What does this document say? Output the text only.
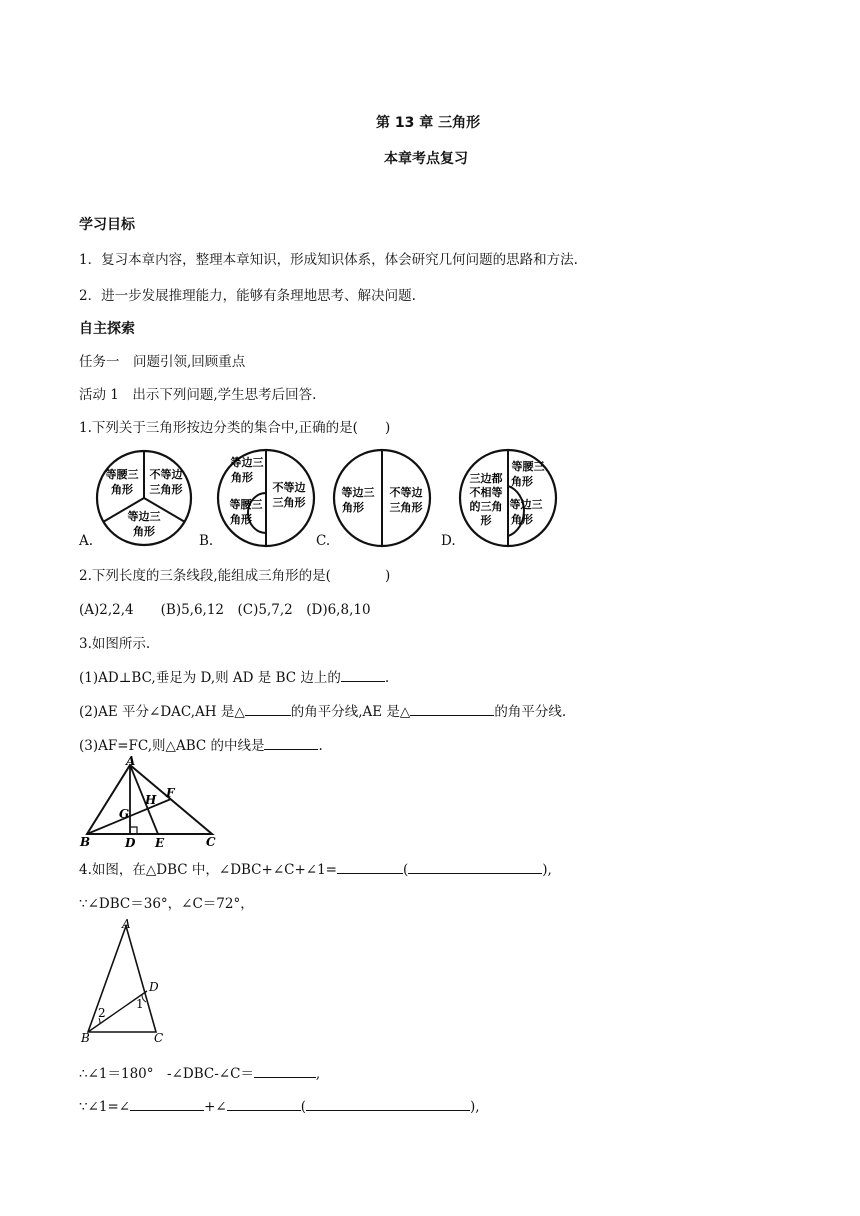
第 13 章 三角形
本章考点复习
学习目标
1．复习本章内容，整理本章知识，形成知识体系，体会研究几何问题的思路和方法.
2．进一步发展推理能力，能够有条理地思考、解决问题.
自主探索
任务一　问题引领,回顾重点
活动 1　出示下列问题,学生思考后回答.
1.下列关于三角形按边分类的集合中,正确的是(　　)
A.
等腰三
角形
不等边
三角形
等边三
角形
B.
等边三
角形
等腰三
角形
不等边
三角形
C.
等边三
角形
不等边
三角形
D.
三边都
不相等
的三角
形
等腰三
角形
等边三
角形
2.下列长度的三条线段,能组成三角形的是(　　　　)
(A)2,2,4　　(B)5,6,12　(C)5,7,2　(D)6,8,10
3.如图所示.
(1)AD⊥BC,垂足为 D,则 AD 是 BC 边上的	.
(2)AE 平分∠DAC,AH 是△	的角平分线,AE 是△	的角平分线.
(3)AF=FC,则△ABC 的中线是	.
A
B	C
D E
F
G
H
4.如图，在△DBC 中，∠DBC+∠C+∠1=	(	),
∵∠DBC＝36°，∠C＝72°，
A
B	C
D
1
2
∴∠1＝180°　-∠DBC-∠C＝	,
∵∠1=∠	+∠	(	),
